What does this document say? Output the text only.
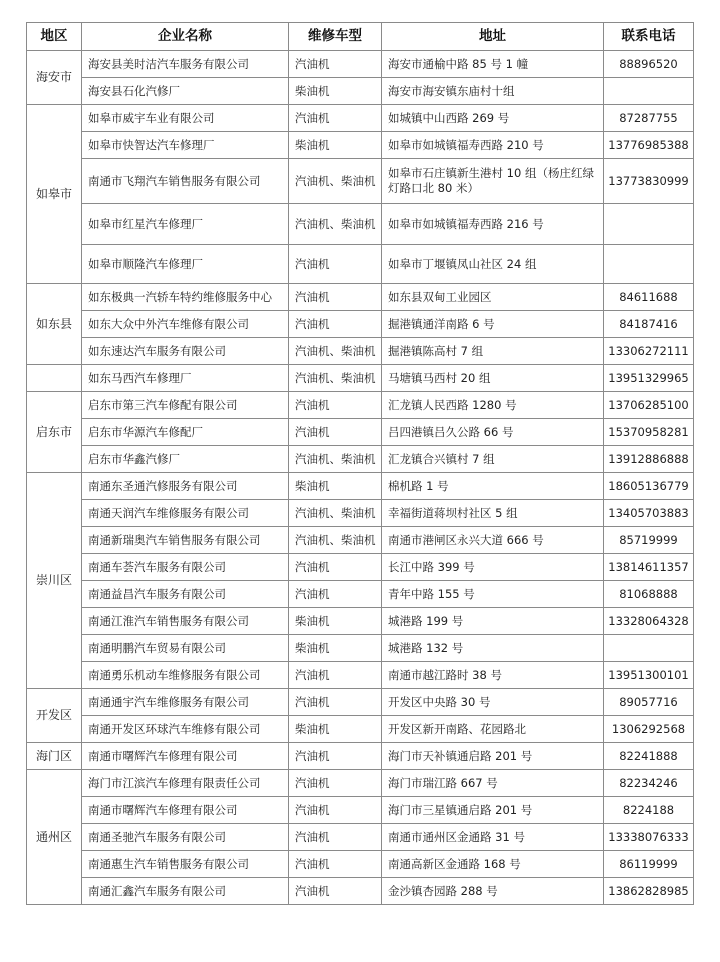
地区	企业名称	维修车型	地址	联系电话
海安市	海安县美时洁汽车服务有限公司	汽油机	海安市通榆中路 85 号 1 幢	88896520
	海安县石化汽修厂	柴油机	海安市海安镇东庙村十组	
如皋市	如皋市威宇车业有限公司	汽油机	如城镇中山西路 269 号	87287755
	如皋市快智达汽车修理厂	柴油机	如皋市如城镇福寿西路 210 号	13776985388
	南通市飞翔汽车销售服务有限公司	汽油机、柴油机	如皋市石庄镇新生港村 10 组（杨庄红绿灯路口北 80 米）	13773830999
	如皋市红星汽车修理厂	汽油机、柴油机	如皋市如城镇福寿西路 216 号	
	如皋市顺隆汽车修理厂	汽油机	如皋市丁堰镇凤山社区 24 组	
如东县	如东极典一汽轿车特约维修服务中心	汽油机	如东县双甸工业园区	84611688
	如东大众中外汽车维修有限公司	汽油机	掘港镇通洋南路 6 号	84187416
	如东速达汽车服务有限公司	汽油机、柴油机	掘港镇陈高村 7 组	13306272111
	如东马西汽车修理厂	汽油机、柴油机	马塘镇马西村 20 组	13951329965
启东市	启东市第三汽车修配有限公司	汽油机	汇龙镇人民西路 1280 号	13706285100
	启东市华源汽车修配厂	汽油机	吕四港镇吕久公路 66 号	15370958281
	启东市华鑫汽修厂	汽油机、柴油机	汇龙镇合兴镇村 7 组	13912886888
崇川区	南通东圣通汽修服务有限公司	柴油机	棉机路 1 号	18605136779
	南通天润汽车维修服务有限公司	汽油机、柴油机	幸福街道蒋坝村社区 5 组	13405703883
	南通新瑞奥汽车销售服务有限公司	汽油机、柴油机	南通市港闸区永兴大道 666 号	85719999
	南通车荟汽车服务有限公司	汽油机	长江中路 399 号	13814611357
	南通益昌汽车服务有限公司	汽油机	青年中路 155 号	81068888
	南通江淮汽车销售服务有限公司	柴油机	城港路 199 号	13328064328
	南通明鹏汽车贸易有限公司	柴油机	城港路 132 号	
	南通勇乐机动车维修服务有限公司	汽油机	南通市越江路时 38 号	13951300101
开发区	南通通宇汽车维修服务有限公司	汽油机	开发区中央路 30 号	89057716
	南通开发区环球汽车维修有限公司	柴油机	开发区新开南路、花园路北	13062925​68
海门区	南通市曙辉汽车修理有限公司	汽油机	海门市天补镇通启路 201 号	82241888
通州区	海门市江滨汽车修理有限责任公司	汽油机	海门市瑞江路 667 号	82234246
	南通市曙辉汽车修理有限公司	汽油机	海门市三星镇通启路 201 号	8224188
	南通圣驰汽车服务有限公司	汽油机	南通市通州区金通路 31 号	13338076333
	南通惠生汽车销售服务有限公司	汽油机	南通高新区金通路 168 号	86119999
	南通汇鑫汽车服务有限公司	汽油机	金沙镇杏园路 288 号	13862828985
